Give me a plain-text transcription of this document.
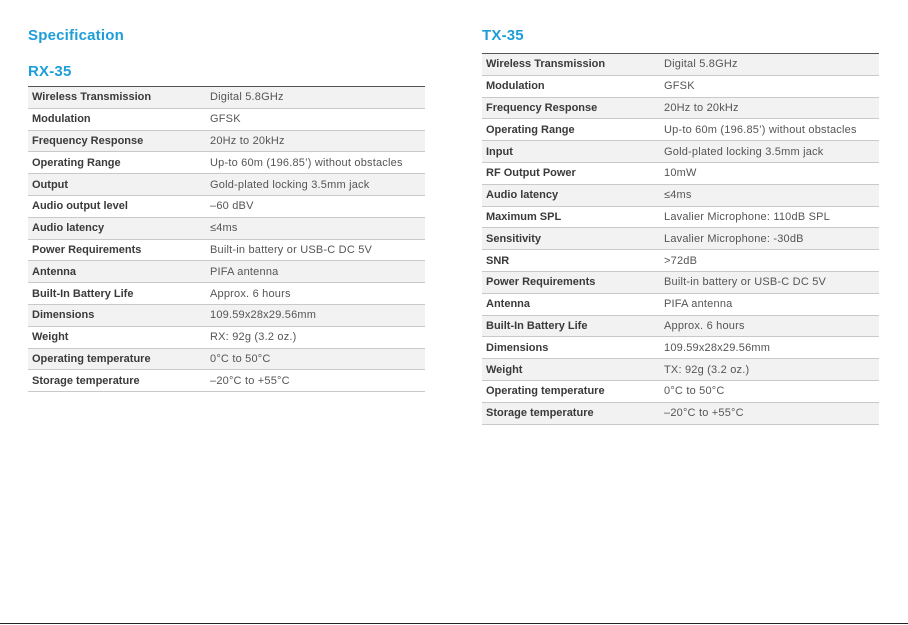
Specification
RX-35
Wireless Transmission	Digital 5.8GHz
Modulation	GFSK
Frequency Response	20Hz to 20kHz
Operating Range	Up-to 60m (196.85’) without obstacles
Output	Gold-plated locking 3.5mm jack
Audio output level	–60 dBV
Audio latency	≤4ms
Power Requirements	Built-in battery or USB-C DC 5V
Antenna	PIFA antenna
Built-In Battery Life	Approx. 6 hours
Dimensions	109.59x28x29.56mm
Weight	RX: 92g (3.2 oz.)
Operating temperature	0°C to 50°C
Storage temperature	–20°C to +55°C
TX-35
Wireless Transmission	Digital 5.8GHz
Modulation	GFSK
Frequency Response	20Hz to 20kHz
Operating Range	Up-to 60m (196.85’) without obstacles
Input	Gold-plated locking 3.5mm jack
RF Output Power	10mW
Audio latency	≤4ms
Maximum SPL	Lavalier Microphone: 110dB SPL
Sensitivity	Lavalier Microphone: -30dB
SNR	>72dB
Power Requirements	Built-in battery or USB-C DC 5V
Antenna	PIFA antenna
Built-In Battery Life	Approx. 6 hours
Dimensions	109.59x28x29.56mm
Weight	TX: 92g (3.2 oz.)
Operating temperature	0°C to 50°C
Storage temperature	–20°C to +55°C
